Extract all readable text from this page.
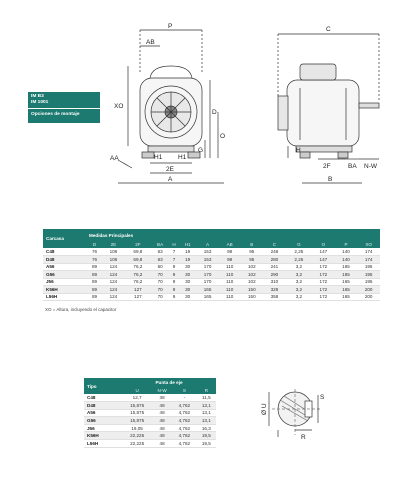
P
AB
XO
D
O
G
AA	H1 H1
2E
A
C
H
2F	BA N-W
B
IM B3
IM 1001
Opciones de montaje
Carcasa	Medidas Principales													
	D	2E	2F	BA	H	H1	A	AB	B	C	G	O	P	XO
C48	76	108	69,8	63	7	19	153	98	95	248	2,25	147	140	174
D48	76	108	69,8	63	7	19	153	98	95	280	2,25	147	140	174
A56	89	124	76,2	60	9	30	170	110	102	241	3,2	172	165	195
G56	89	124	76,2	70	9	30	170	110	102	290	3,2	172	165	195
J56	89	124	76,2	70	9	30	170	110	102	310	3,2	172	165	195
K56H	89	124	127	70	9	30	165	110	150	328	3,2	172	165	200
L56H	89	124	127	70	9	30	165	110	150	358	3,2	172	165	200
XO = Altura, incluyendo el capacitor
Tipo	Punta de eje			
	U	N-W	S	R
C48	12,7	38	-	11,5
D48	15,875	48	4,762	13,1
A56	15,875	48	4,762	13,1
G56	15,875	48	4,762	13,1
J56	19,05	48	4,762	16,3
K56H	22,225	48	4,762	19,5
L56H	22,225	48	4,762	19,5
Ø U
S
R
